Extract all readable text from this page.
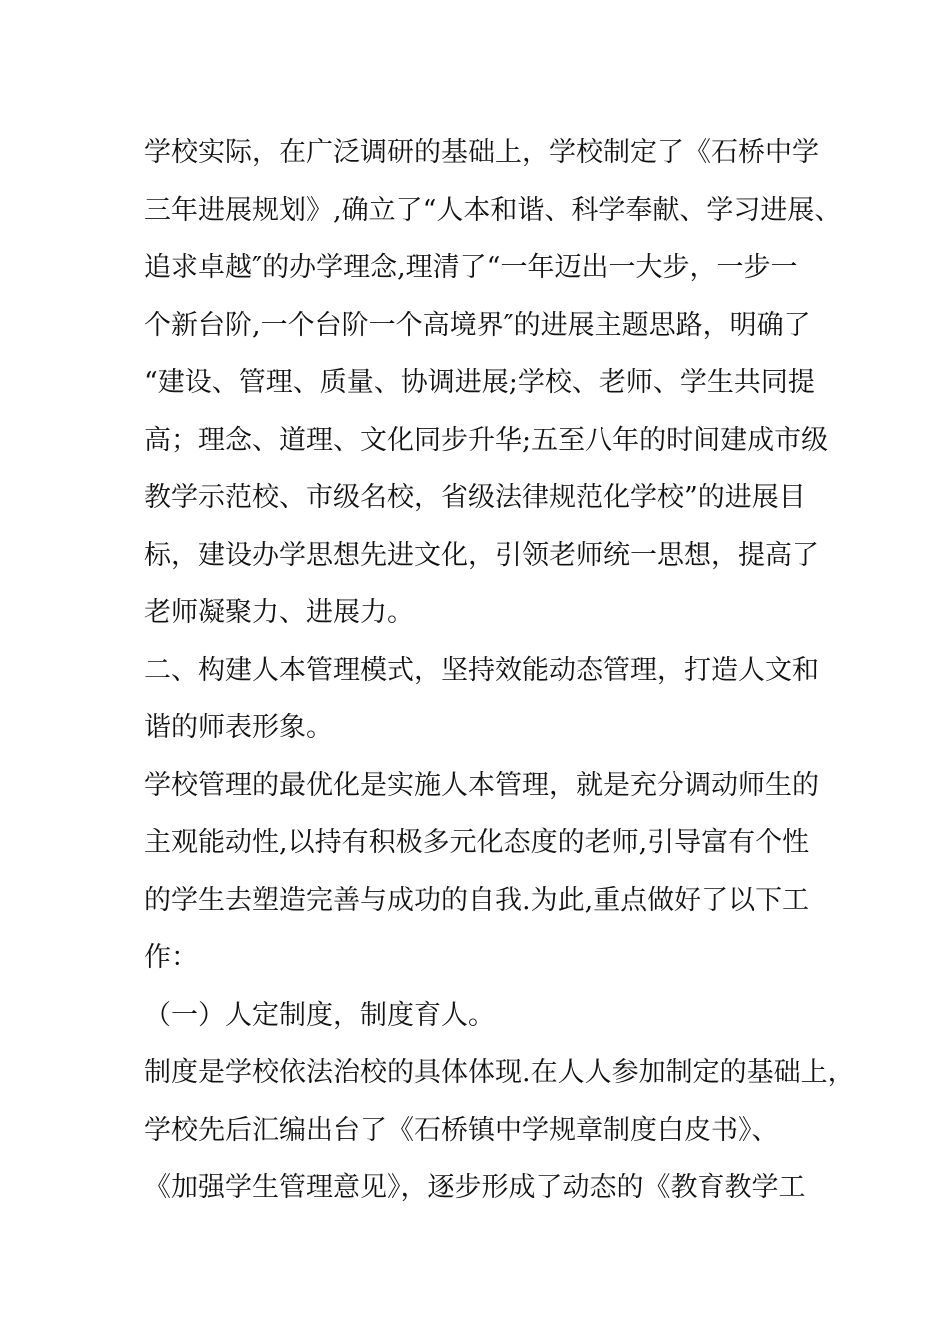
学校实际，在广泛调研的基础上，学校制定了《石桥中学
三年进展规划》,确立了“人本和谐、科学奉献、学习进展、
追求卓越″的办学理念,理清了“一年迈出一大步，一步一
个新台阶,一个台阶一个高境界″的进展主题思路，明确了
“建设、管理、质量、协调进展;学校、老师、学生共同提
高；理念、道理、文化同步升华;五至八年的时间建成市级
教学示范校、市级名校，省级法律规范化学校”的进展目
标，建设办学思想先进文化，引领老师统一思想，提高了
老师凝聚力、进展力。
二、构建人本管理模式，坚持效能动态管理，打造人文和
谐的师表形象。
学校管理的最优化是实施人本管理，就是充分调动师生的
主观能动性,以持有积极多元化态度的老师,引导富有个性
的学生去塑造完善与成功的自我.为此,重点做好了以下工
作：
（一）人定制度，制度育人。
制度是学校依法治校的具体体现.在人人参加制定的基础上，
学校先后汇编出台了《石桥镇中学规章制度白皮书》、
《加强学生管理意见》，逐步形成了动态的《教育教学工
